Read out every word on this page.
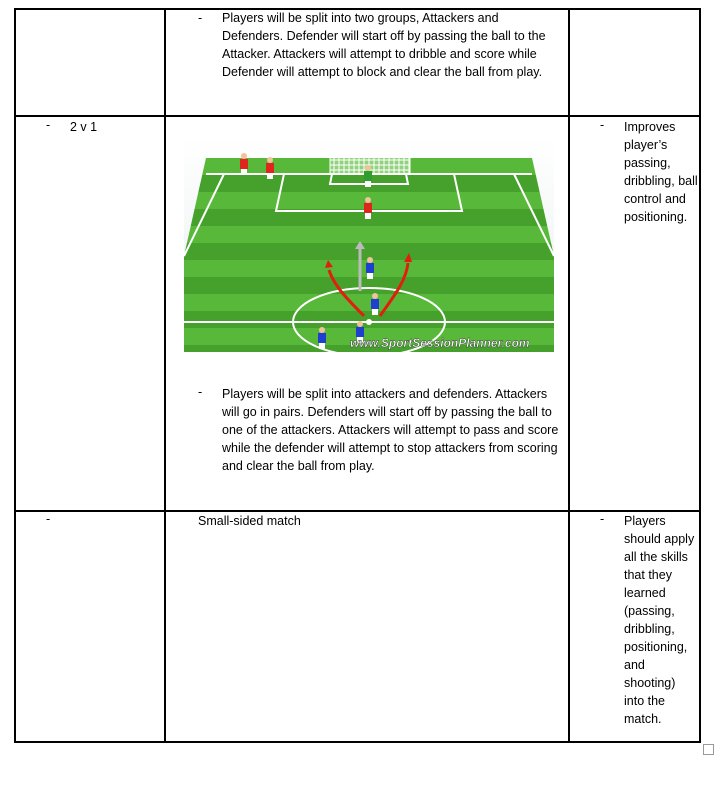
- Players will be split into two groups, Attackers and Defenders. Defender will start off by passing the ball to the Attacker. Attackers will attempt to dribble and score while Defender will attempt to block and clear the ball from play.
- 2 v 1
www.SportSessionPlanner.com
- Players will be split into attackers and defenders. Attackers will go in pairs. Defenders will start off by passing the ball to one of the attackers. Attackers will attempt to pass and score while the defender will attempt to stop attackers from scoring and clear the ball from play.
- Improves player’s passing, dribbling, ball control and positioning.
-	Small-sided match	- Players should apply all the skills that they learned (passing, dribbling, positioning, and shooting) into the match.
